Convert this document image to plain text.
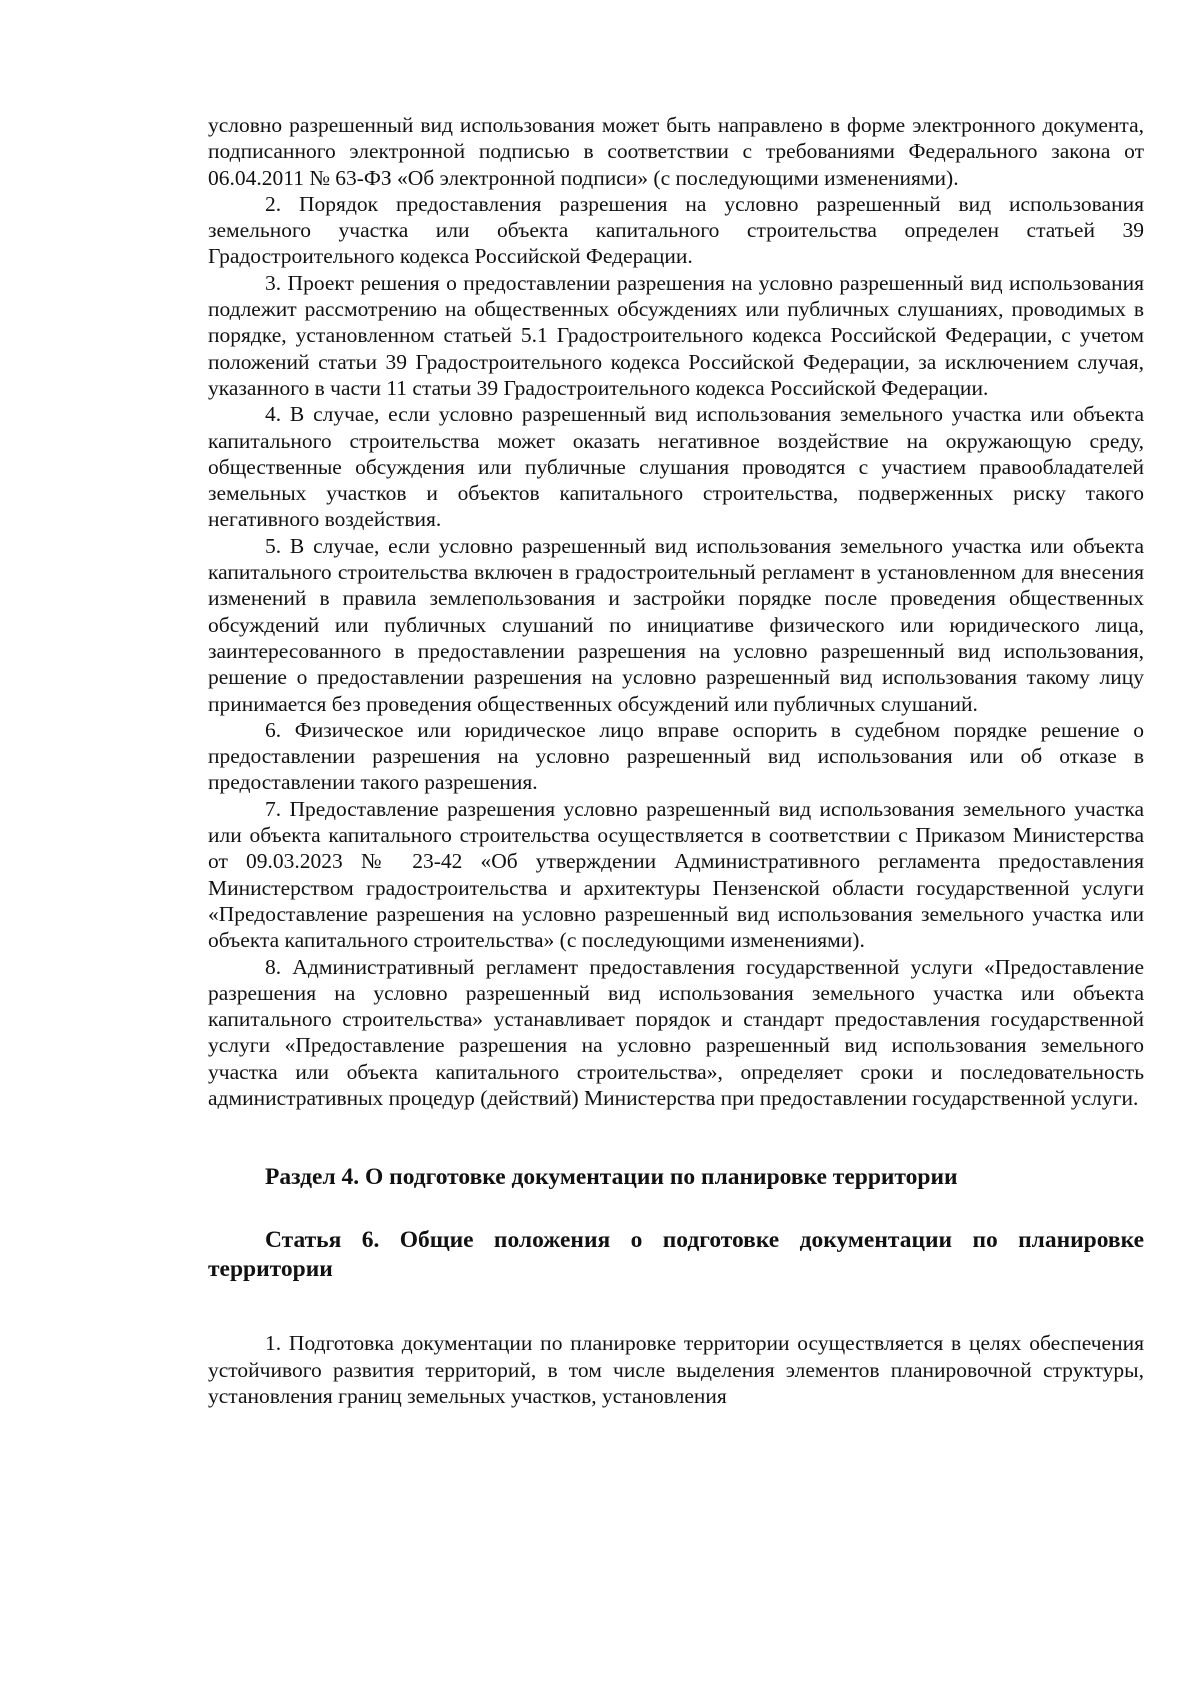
условно разрешенный вид использования может быть направлено в форме электронного документа, подписанного электронной подписью в соответствии с требованиями Федерального закона от 06.04.2011 № 63-ФЗ «Об электронной подписи» (с последующими изменениями).

2. Порядок предоставления разрешения на условно разрешенный вид использования земельного участка или объекта капитального строительства определен статьей 39 Градостроительного кодекса Российской Федерации.

3. Проект решения о предоставлении разрешения на условно разрешенный вид использования подлежит рассмотрению на общественных обсуждениях или публичных слушаниях, проводимых в порядке, установленном статьей 5.1 Градостроительного кодекса Российской Федерации, с учетом положений статьи 39 Градостроительного кодекса Российской Федерации, за исключением случая, указанного в части 11 статьи 39 Градостроительного кодекса Российской Федерации.

4. В случае, если условно разрешенный вид использования земельного участка или объекта капитального строительства может оказать негативное воздействие на окружающую среду, общественные обсуждения или публичные слушания проводятся с участием правообладателей земельных участков и объектов капитального строительства, подверженных риску такого негативного воздействия.

5. В случае, если условно разрешенный вид использования земельного участка или объекта капитального строительства включен в градостроительный регламент в установленном для внесения изменений в правила землепользования и застройки порядке после проведения общественных обсуждений или публичных слушаний по инициативе физического или юридического лица, заинтересованного в предоставлении разрешения на условно разрешенный вид использования, решение о предоставлении разрешения на условно разрешенный вид использования такому лицу принимается без проведения общественных обсуждений или публичных слушаний.

6. Физическое или юридическое лицо вправе оспорить в судебном порядке решение о предоставлении разрешения на условно разрешенный вид использования или об отказе в предоставлении такого разрешения.

7. Предоставление разрешения условно разрешенный вид использования земельного участка или объекта капитального строительства осуществляется в соответствии с Приказом Министерства от 09.03.2023 № 23-42 «Об утверждении Административного регламента предоставления Министерством градостроительства и архитектуры Пензенской области государственной услуги «Предоставление разрешения на условно разрешенный вид использования земельного участка или объекта капитального строительства» (с последующими изменениями).

8. Административный регламент предоставления государственной услуги «Предоставление разрешения на условно разрешенный вид использования земельного участка или объекта капитального строительства» устанавливает порядок и стандарт предоставления государственной услуги «Предоставление разрешения на условно разрешенный вид использования земельного участка или объекта капитального строительства», определяет сроки и последовательность административных процедур (действий) Министерства при предоставлении государственной услуги.

Раздел 4. О подготовке документации по планировке территории
Статья 6. Общие положения о подготовке документации по планировке территории

1. Подготовка документации по планировке территории осуществляется в целях обеспечения устойчивого развития территорий, в том числе выделения элементов планировочной структуры, установления границ земельных участков, установления
